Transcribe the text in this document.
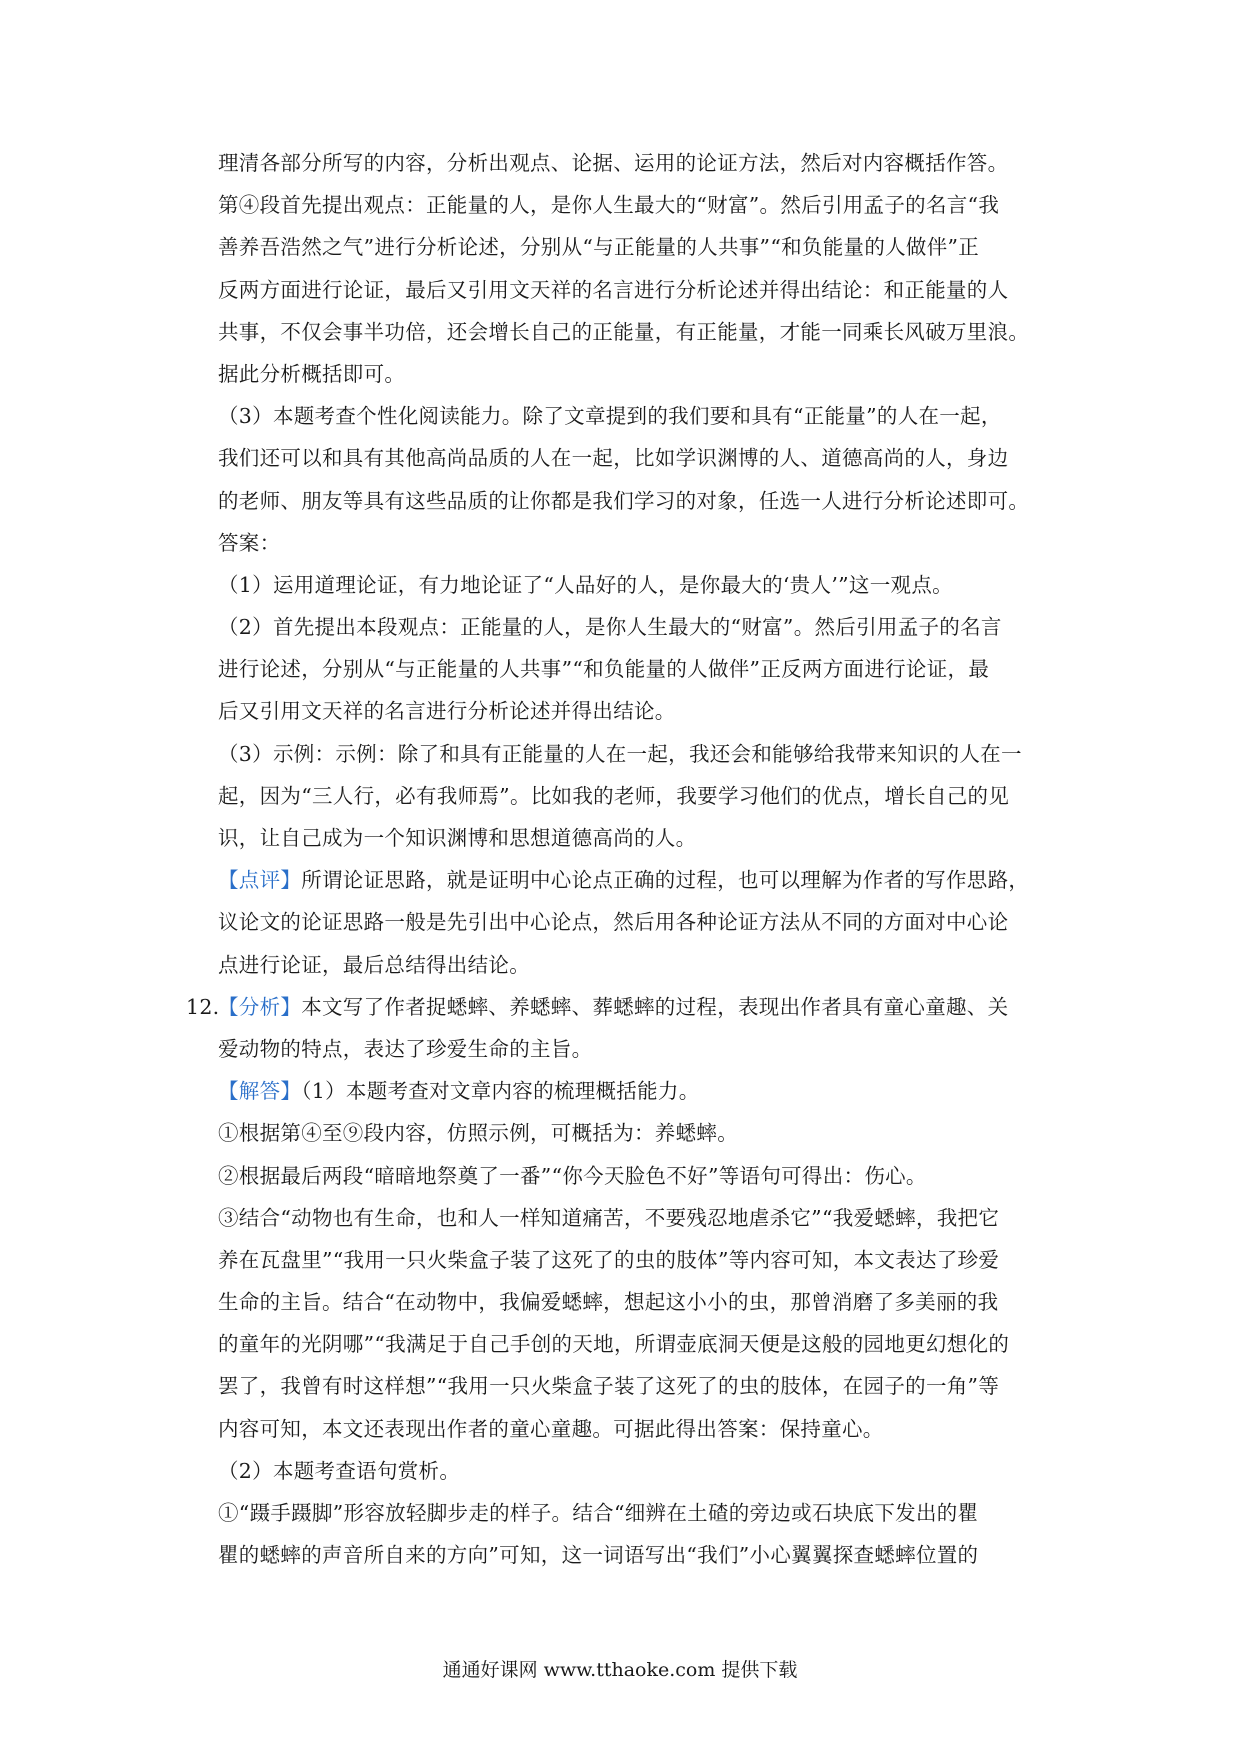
理清各部分所写的内容，分析出观点、论据、运用的论证方法，然后对内容概括作答。
第④段首先提出观点：正能量的人，是你人生最大的“财富”。然后引用孟子的名言“我
善养吾浩然之气”进行分析论述，分别从“与正能量的人共事”“和负能量的人做伴”正
反两方面进行论证，最后又引用文天祥的名言进行分析论述并得出结论：和正能量的人
共事，不仅会事半功倍，还会增长自己的正能量，有正能量，才能一同乘长风破万里浪。
据此分析概括即可。
（3）本题考查个性化阅读能力。除了文章提到的我们要和具有“正能量”的人在一起，
我们还可以和具有其他高尚品质的人在一起，比如学识渊博的人、道德高尚的人，身边
的老师、朋友等具有这些品质的让你都是我们学习的对象，任选一人进行分析论述即可。
答案：
（1）运用道理论证，有力地论证了“人品好的人，是你最大的‘贵人’”这一观点。
（2）首先提出本段观点：正能量的人，是你人生最大的“财富”。然后引用孟子的名言
进行论述，分别从“与正能量的人共事”“和负能量的人做伴”正反两方面进行论证，最
后又引用文天祥的名言进行分析论述并得出结论。
（3）示例：示例：除了和具有正能量的人在一起，我还会和能够给我带来知识的人在一
起，因为“三人行，必有我师焉”。比如我的老师，我要学习他们的优点，增长自己的见
识，让自己成为一个知识渊博和思想道德高尚的人。
【点评】所谓论证思路，就是证明中心论点正确的过程，也可以理解为作者的写作思路，
议论文的论证思路一般是先引出中心论点，然后用各种论证方法从不同的方面对中心论
点进行论证，最后总结得出结论。
12.
【分析】本文写了作者捉蟋蟀、养蟋蟀、葬蟋蟀的过程，表现出作者具有童心童趣、关
爱动物的特点，表达了珍爱生命的主旨。
【解答】（1）本题考查对文章内容的梳理概括能力。
①根据第④至⑨段内容，仿照示例，可概括为：养蟋蟀。
②根据最后两段“暗暗地祭奠了一番”“你今天脸色不好”等语句可得出：伤心。
③结合“动物也有生命，也和人一样知道痛苦，不要残忍地虐杀它”“我爱蟋蟀，我把它
养在瓦盘里”“我用一只火柴盒子装了这死了的虫的肢体”等内容可知，本文表达了珍爱
生命的主旨。结合“在动物中，我偏爱蟋蟀，想起这小小的虫，那曾消磨了多美丽的我
的童年的光阴哪”“我满足于自己手创的天地，所谓壶底洞天便是这般的园地更幻想化的
罢了，我曾有时这样想”“我用一只火柴盒子装了这死了的虫的肢体，在园子的一角”等
内容可知，本文还表现出作者的童心童趣。可据此得出答案：保持童心。
（2）本题考查语句赏析。
①“蹑手蹑脚”形容放轻脚步走的样子。结合“细辨在土碴的旁边或石块底下发出的瞿
瞿的蟋蟀的声音所自来的方向”可知，这一词语写出“我们”小心翼翼探查蟋蟀位置的
通通好课网 www.tthaoke.com 提供下载
